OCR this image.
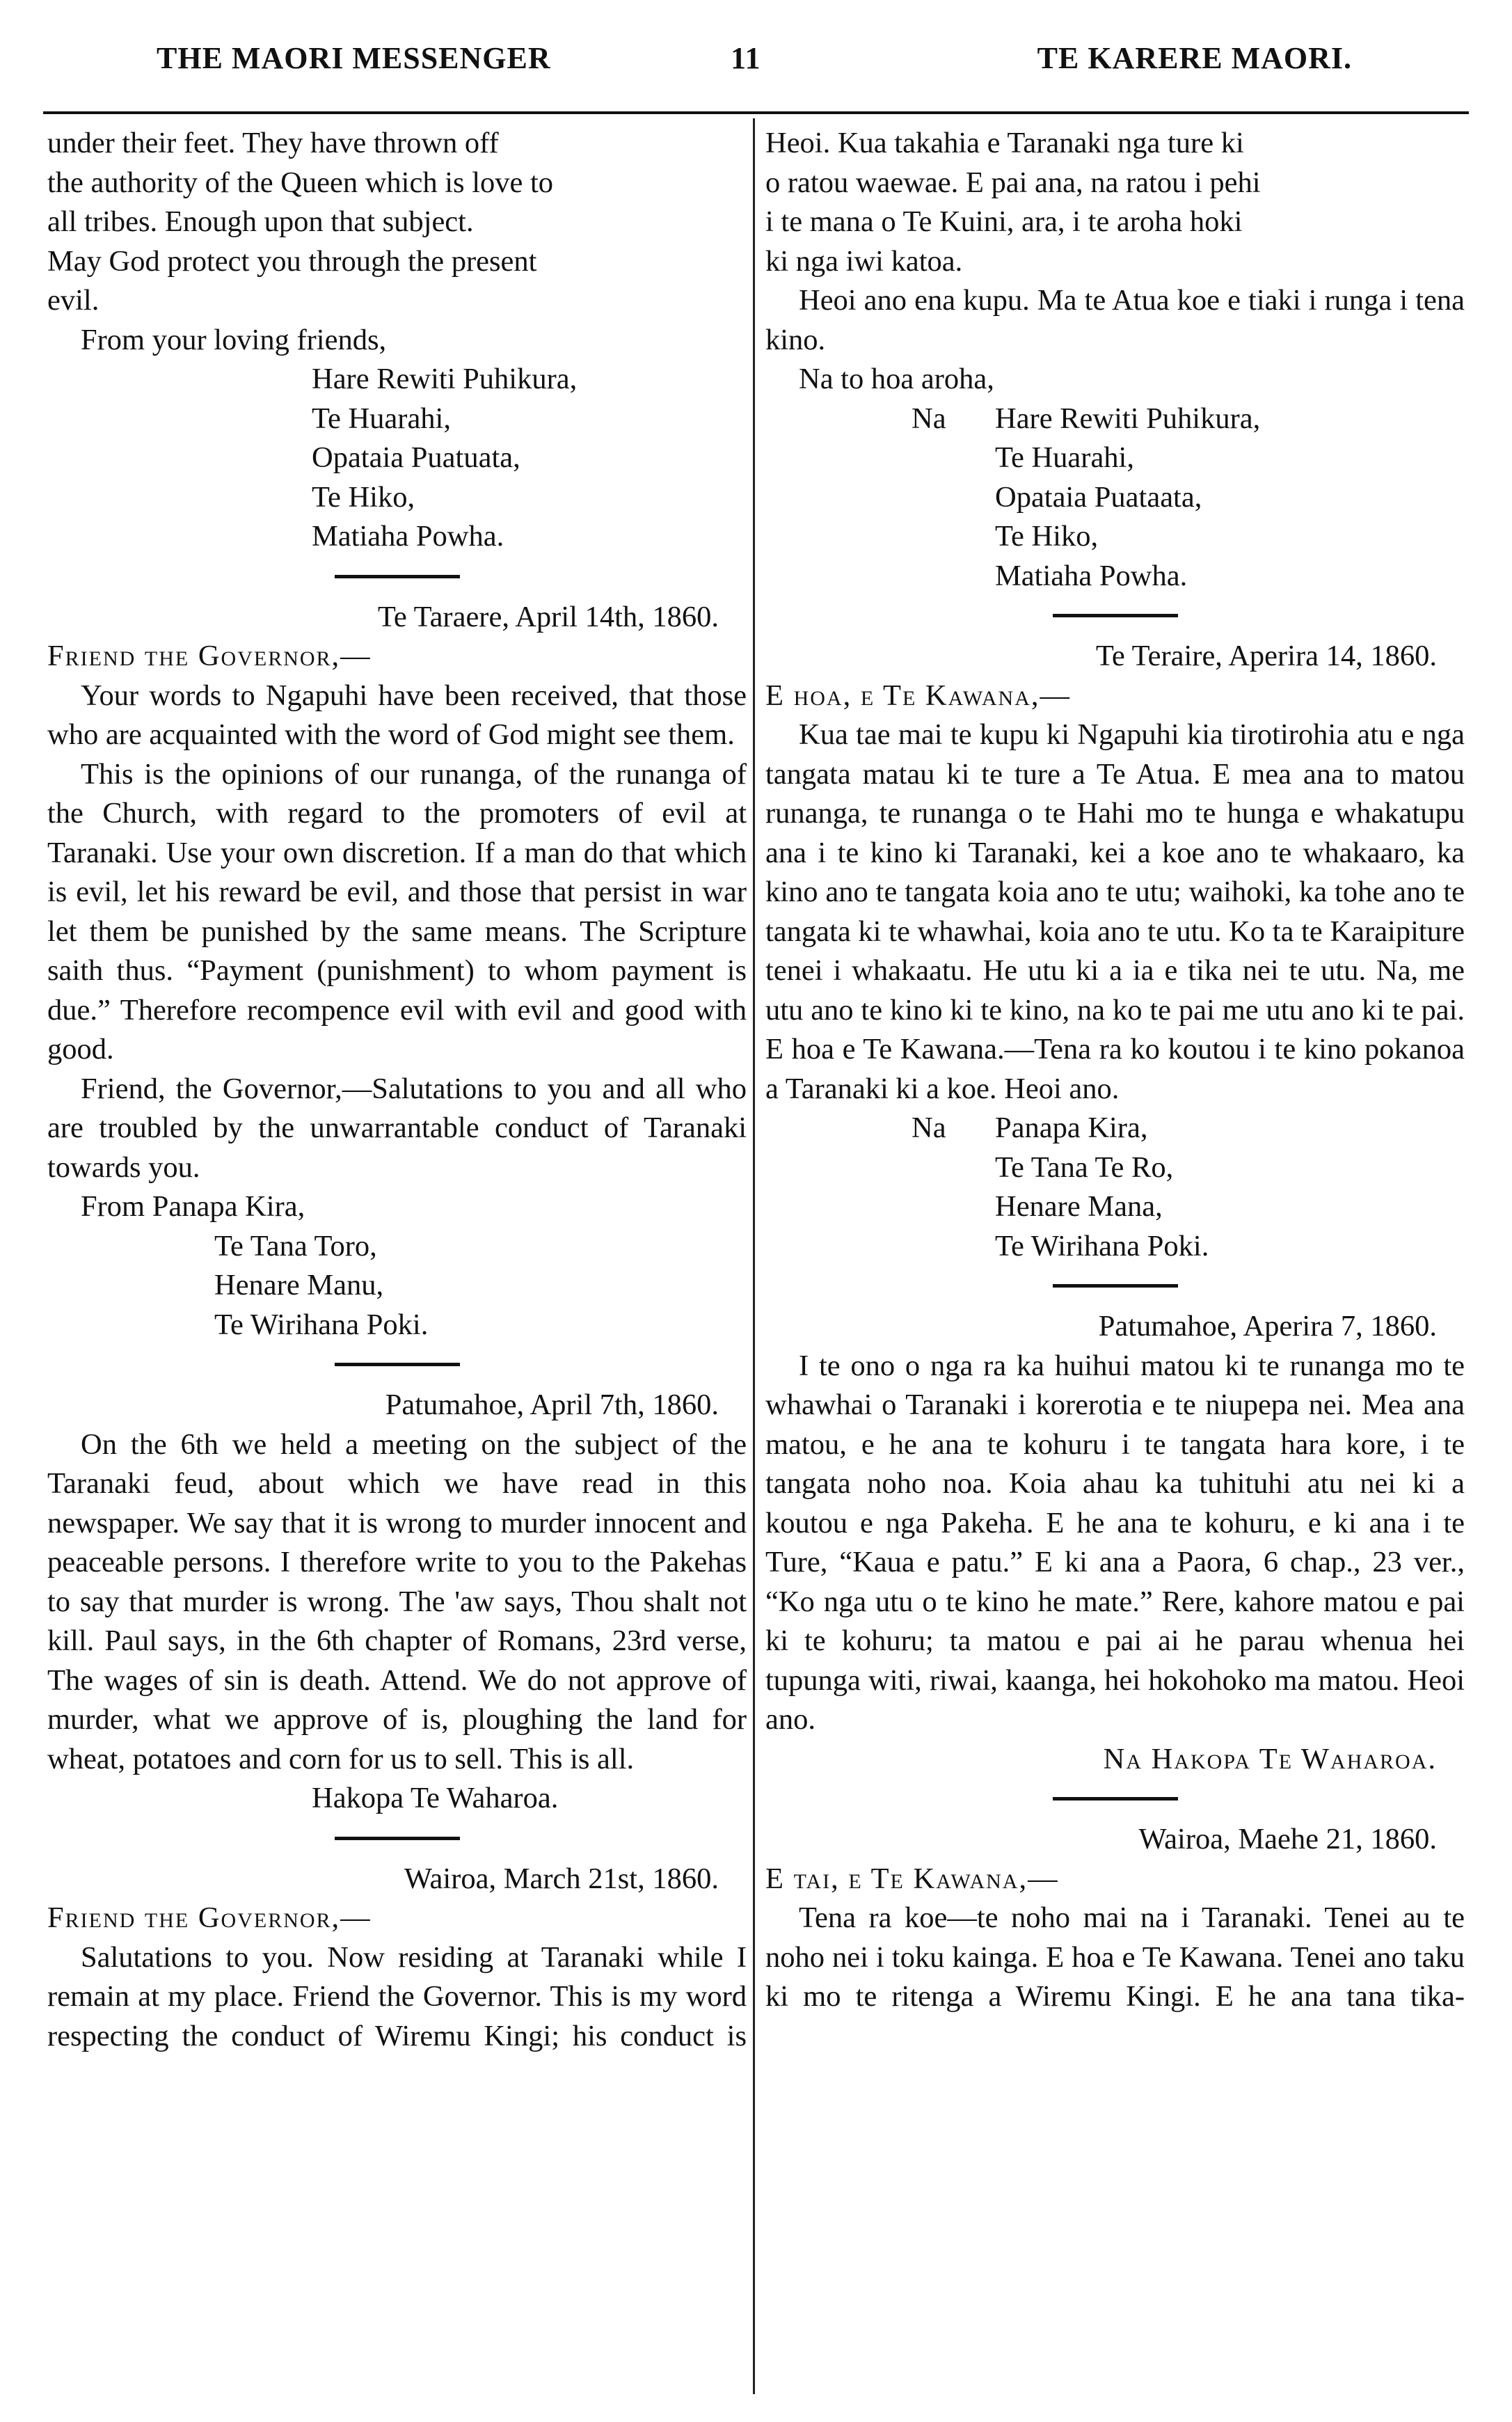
THE MAORI MESSENGER	11	TE KARERE MAORI.
under their feet. They have thrown off
the authority of the Queen which is love to
all tribes. Enough upon that subject.
May God protect you through the present
evil.
From your loving friends,
Hare Rewiti Puhikura,
Te Huarahi,
Opataia Puatuata,
Te Hiko,
Matiaha Powha.
Te Taraere, April 14th, 1860.
Friend the Governor,—

Your words to Ngapuhi have been received, that those who are acquainted with the word of God might see them.

This is the opinions of our runanga, of the runanga of the Church, with regard to the promoters of evil at Taranaki. Use your own discretion. If a man do that which is evil, let his reward be evil, and those that persist in war let them be punished by the same means. The Scripture saith thus. “Payment (punishment) to whom payment is due.” Therefore recompence evil with evil and good with good.

Friend, the Governor,—Salutations to you and all who are troubled by the unwarrantable conduct of Taranaki towards you.

From Panapa Kira,
Te Tana Toro,
Henare Manu,
Te Wirihana Poki.
Patumahoe, April 7th, 1860.

On the 6th we held a meeting on the subject of the Taranaki feud, about which we have read in this newspaper. We say that it is wrong to murder innocent and peaceable persons. I therefore write to you to the Pakehas to say that murder is wrong. The 'aw says, Thou shalt not kill. Paul says, in the 6th chapter of Romans, 23rd verse, The wages of sin is death. Attend. We do not approve of murder, what we approve of is, ploughing the land for wheat, potatoes and corn for us to sell. This is all.

Hakopa Te Waharoa.
Wairoa, March 21st, 1860.
Friend the Governor,—

Salutations to you. Now residing at Taranaki while I remain at my place. Friend the Governor. This is my word respecting the conduct of Wiremu Kingi; his conduct is

Heoi. Kua takahia e Taranaki nga ture ki
o ratou waewae. E pai ana, na ratou i pehi
i te mana o Te Kuini, ara, i te aroha hoki
ki nga iwi katoa.

Heoi ano ena kupu. Ma te Atua koe e tiaki i runga i tena kino.

Na to hoa aroha,
Na Hare Rewiti Puhikura,
Te Huarahi,
Opataia Puataata,
Te Hiko,
Matiaha Powha.
Te Teraire, Aperira 14, 1860.
E hoa, e Te Kawana,—

Kua tae mai te kupu ki Ngapuhi kia tirotirohia atu e nga tangata matau ki te ture a Te Atua. E mea ana to matou runanga, te runanga o te Hahi mo te hunga e whakatupu ana i te kino ki Taranaki, kei a koe ano te whakaaro, ka kino ano te tangata koia ano te utu; waihoki, ka tohe ano te tangata ki te whawhai, koia ano te utu. Ko ta te Karaipiture tenei i whakaatu. He utu ki a ia e tika nei te utu. Na, me utu ano te kino ki te kino, na ko te pai me utu ano ki te pai. E hoa e Te Kawana.—Tena ra ko koutou i te kino pokanoa a Taranaki ki a koe. Heoi ano.

Na Panapa Kira,
Te Tana Te Ro,
Henare Mana,
Te Wirihana Poki.
Patumahoe, Aperira 7, 1860.

I te ono o nga ra ka huihui matou ki te runanga mo te whawhai o Taranaki i korerotia e te niupepa nei. Mea ana matou, e he ana te kohuru i te tangata hara kore, i te tangata noho noa. Koia ahau ka tuhituhi atu nei ki a koutou e nga Pakeha. E he ana te kohuru, e ki ana i te Ture, “Kaua e patu.” E ki ana a Paora, 6 chap., 23 ver., “Ko nga utu o te kino he mate.” Rere, kahore matou e pai ki te kohuru; ta matou e pai ai he parau whenua hei tupunga witi, riwai, kaanga, hei hokohoko ma matou. Heoi ano.

Na Hakopa Te Waharoa.
Wairoa, Maehe 21, 1860.
E tai, e Te Kawana,—

Tena ra koe—te noho mai na i Taranaki. Tenei au te noho nei i toku kainga. E hoa e Te Kawana. Tenei ano taku ki mo te ritenga a Wiremu Kingi. E he ana tana tika-
